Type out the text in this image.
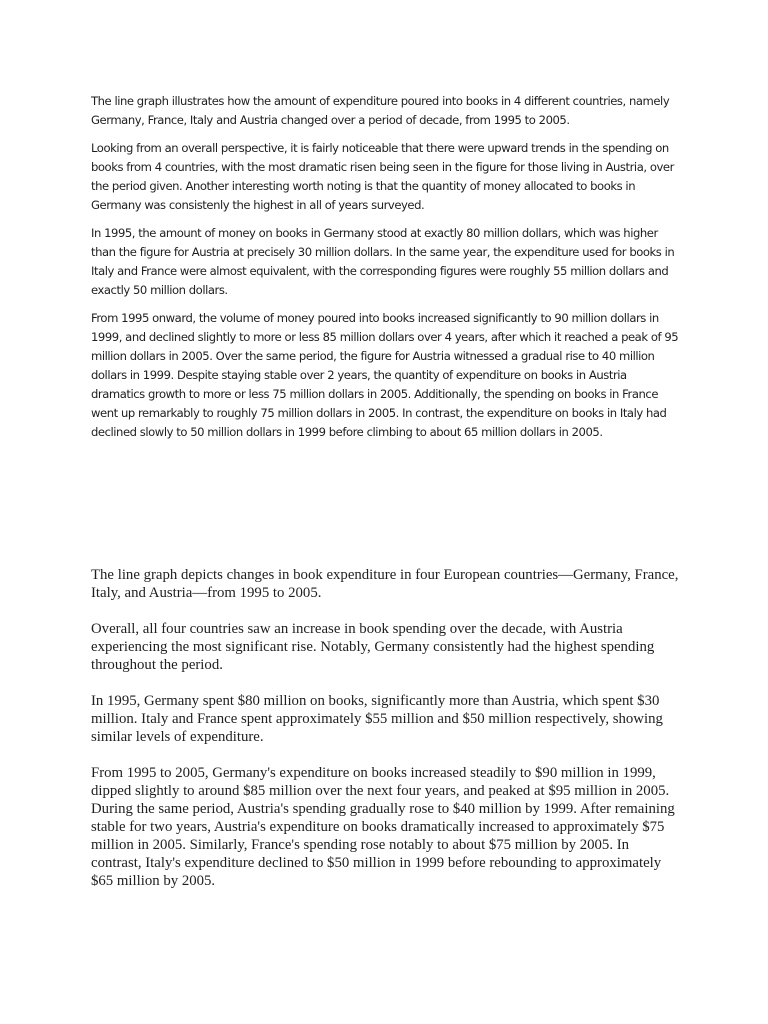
The line graph illustrates how the amount of expenditure poured into books in 4 different countries, namely Germany, France, Italy and Austria changed over a period of decade, from 1995 to 2005.

Looking from an overall perspective, it is fairly noticeable that there were upward trends in the spending on books from 4 countries, with the most dramatic risen being seen in the figure for those living in Austria, over the period given. Another interesting worth noting is that the quantity of money allocated to books in Germany was consistenly the highest in all of years surveyed.

In 1995, the amount of money on books in Germany stood at exactly 80 million dollars, which was higher than the figure for Austria at precisely 30 million dollars. In the same year, the expenditure used for books in Italy and France were almost equivalent, with the corresponding figures were roughly 55 million dollars and exactly 50 million dollars.

From 1995 onward, the volume of money poured into books increased significantly to 90 million dollars in 1999, and declined slightly to more or less 85 million dollars over 4 years, after which it reached a peak of 95 million dollars in 2005. Over the same period, the figure for Austria witnessed a gradual rise to 40 million dollars in 1999. Despite staying stable over 2 years, the quantity of expenditure on books in Austria dramatics growth to more or less 75 million dollars in 2005. Additionally, the spending on books in France went up remarkably to roughly 75 million dollars in 2005. In contrast, the expenditure on books in Italy had declined slowly to 50 million dollars in 1999 before climbing to about 65 million dollars in 2005.

The line graph depicts changes in book expenditure in four European countries—Germany, France, Italy, and Austria—from 1995 to 2005.

Overall, all four countries saw an increase in book spending over the decade, with Austria experiencing the most significant rise. Notably, Germany consistently had the highest spending throughout the period.

In 1995, Germany spent $80 million on books, significantly more than Austria, which spent $30 million. Italy and France spent approximately $55 million and $50 million respectively, showing similar levels of expenditure.

From 1995 to 2005, Germany's expenditure on books increased steadily to $90 million in 1999, dipped slightly to around $85 million over the next four years, and peaked at $95 million in 2005. During the same period, Austria's spending gradually rose to $40 million by 1999. After remaining stable for two years, Austria's expenditure on books dramatically increased to approximately $75 million in 2005. Similarly, France's spending rose notably to about $75 million by 2005. In contrast, Italy's expenditure declined to $50 million in 1999 before rebounding to approximately $65 million by 2005.
